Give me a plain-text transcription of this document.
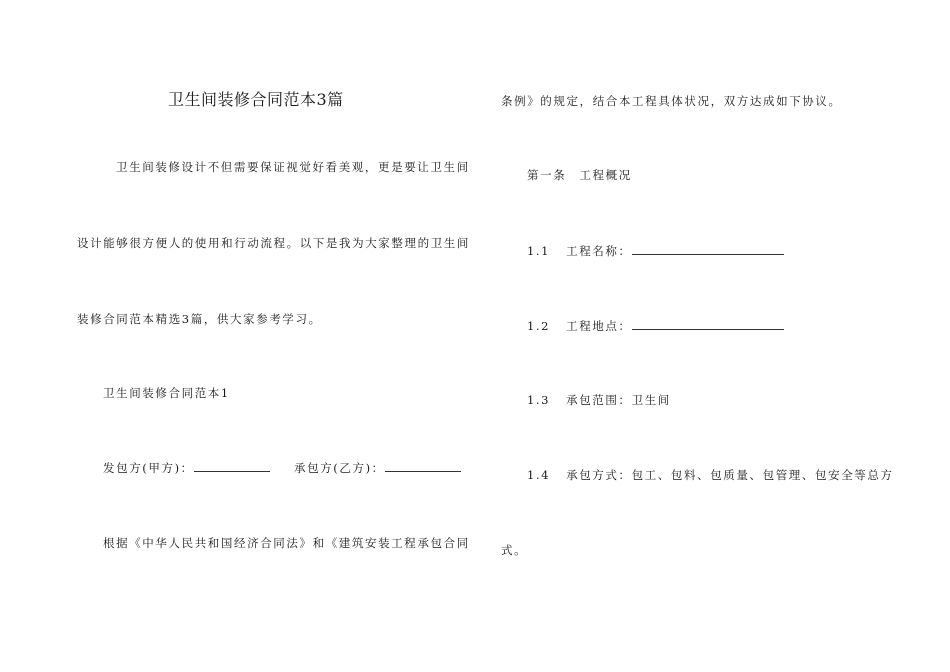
卫生间装修合同范本3篇
卫生间装修设计不但需要保证视觉好看美观，更是要让卫生间
设计能够很方便人的使用和行动流程。以下是我为大家整理的卫生间
装修合同范本精选3篇，供大家参考学习。
卫生间装修合同范本1
发包方(甲方)：	承包方(乙方)：
根据《中华人民共和国经济合同法》和《建筑安装工程承包合同
条例》的规定，结合本工程具体状况，双方达成如下协议。
第一条　工程概况
1.1 工程名称：
1.2 工程地点：
1.3 承包范围：卫生间
1.4 承包方式：包工、包料、包质量、包管理、包安全等总方
式。
